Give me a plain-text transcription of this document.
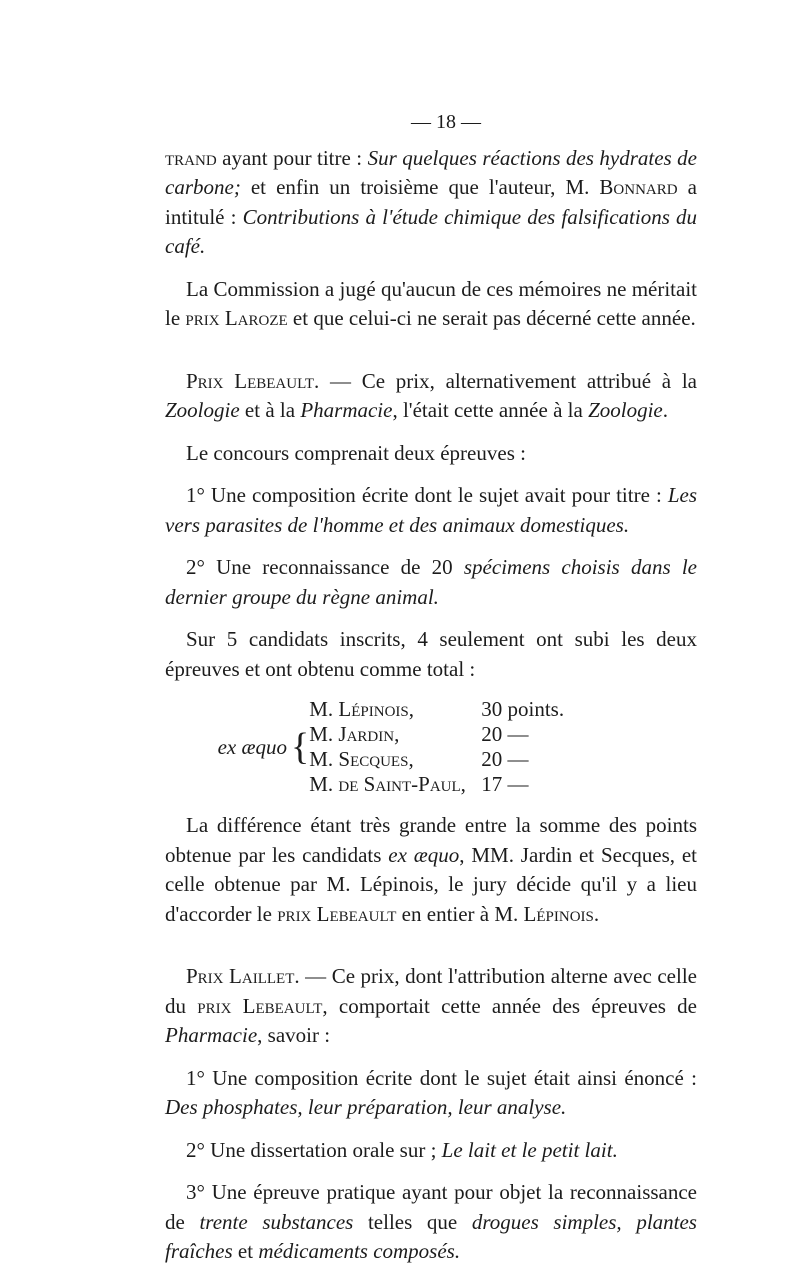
— 18 —

trand ayant pour titre : Sur quelques réactions des hydrates de carbone; et enfin un troisième que l'auteur, M. Bonnard a intitulé : Contributions à l'étude chimique des falsifications du café.

La Commission a jugé qu'aucun de ces mémoires ne méritait le prix Laroze et que celui-ci ne serait pas décerné cette année.

Prix Lebeault. — Ce prix, alternativement attribué à la Zoologie et à la Pharmacie, l'était cette année à la Zoologie.

Le concours comprenait deux épreuves :

1° Une composition écrite dont le sujet avait pour titre : Les vers parasites de l'homme et des animaux domestiques.

2° Une reconnaissance de 20 spécimens choisis dans le dernier groupe du règne animal.

Sur 5 candidats inscrits, 4 seulement ont subi les deux épreuves et ont obtenu comme total :

		M. Lépinois,	30 points.
ex æquo	{	M. Jardin,	20 —
		M. Secques,	20 —
		M. de Saint-Paul,	17 —

La différence étant très grande entre la somme des points obtenue par les candidats ex æquo, MM. Jardin et Secques, et celle obtenue par M. Lépinois, le jury décide qu'il y a lieu d'accorder le prix Lebeault en entier à M. Lépinois.

Prix Laillet. — Ce prix, dont l'attribution alterne avec celle du prix Lebeault, comportait cette année des épreuves de Pharmacie, savoir :

1° Une composition écrite dont le sujet était ainsi énoncé : Des phosphates, leur préparation, leur analyse.

2° Une dissertation orale sur ; Le lait et le petit lait.

3° Une épreuve pratique ayant pour objet la reconnaissance de trente substances telles que drogues simples, plantes fraîches et médicaments composés.
